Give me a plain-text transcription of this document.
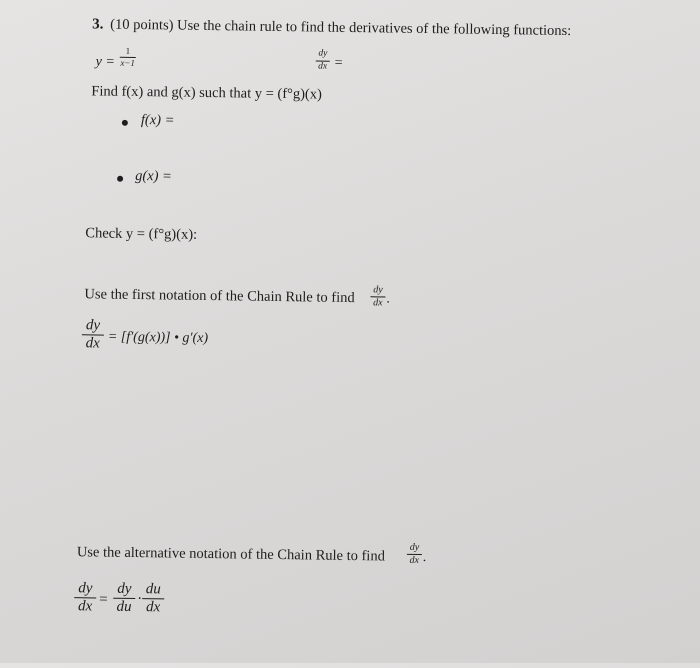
3. (10 points) Use the chain rule to find the derivatives of the following functions:
y =
1
x−1
dy
dx =
Find f(x) and g(x) such that y = (f°g)(x)
f(x) =
g(x) =
Check y = (f°g)(x):
Use the first notation of the Chain Rule to find dy
dx .
dy
dx = [f′(g(x))] • g′(x)
Use the alternative notation of the Chain Rule to find dy
dx .
dy
dx =
dy
du ·
du
dx
